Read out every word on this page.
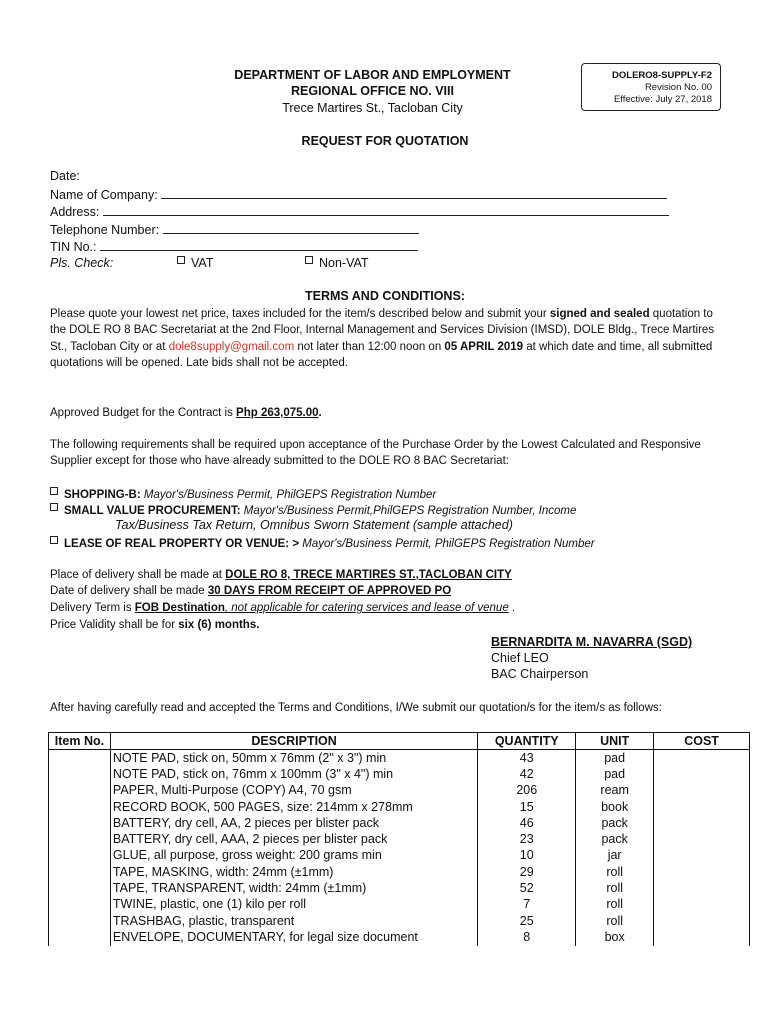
DEPARTMENT OF LABOR AND EMPLOYMENT
REGIONAL OFFICE NO. VIII
Trece Martires St., Tacloban City
DOLERO8-SUPPLY-F2
Revision No. 00
Effective: July 27, 2018
REQUEST FOR QUOTATION
Date:
Name of Company:
Address:
Telephone Number:
TIN No.:
Pls. Check:	VAT	Non-VAT
TERMS AND CONDITIONS:
Please quote your lowest net price, taxes included for the item/s described below and submit your signed and sealed quotation to the DOLE RO 8 BAC Secretariat at the 2nd Floor, Internal Management and Services Division (IMSD), DOLE Bldg., Trece Martires St., Tacloban City or at dole8supply@gmail.com not later than 12:00 noon on 05 APRIL 2019 at which date and time, all submitted quotations will be opened. Late bids shall not be accepted.
Approved Budget for the Contract is Php 263,075.00.
The following requirements shall be required upon acceptance of the Purchase Order by the Lowest Calculated and Responsive Supplier except for those who have already submitted to the DOLE RO 8 BAC Secretariat:
SHOPPING-B: Mayor's/Business Permit, PhilGEPS Registration Number
SMALL VALUE PROCUREMENT: Mayor's/Business Permit,PhilGEPS Registration Number, Income
Tax/Business Tax Return, Omnibus Sworn Statement (sample attached)
LEASE OF REAL PROPERTY OR VENUE: > Mayor's/Business Permit, PhilGEPS Registration Number
Place of delivery shall be made at DOLE RO 8, TRECE MARTIRES ST.,TACLOBAN CITY
Date of delivery shall be made 30 DAYS FROM RECEIPT OF APPROVED PO
Delivery Term is FOB Destination, not applicable for catering services and lease of venue .
Price Validity shall be for six (6) months.
BERNARDITA M. NAVARRA (SGD)
Chief LEO
BAC Chairperson
After having carefully read and accepted the Terms and Conditions, I/We submit our quotation/s for the item/s as follows:
Item No.	DESCRIPTION	QUANTITY	UNIT	COST
	NOTE PAD, stick on, 50mm x 76mm (2" x 3") min	43	pad	
	NOTE PAD, stick on, 76mm x 100mm (3" x 4") min	42	pad	
	PAPER, Multi-Purpose (COPY) A4, 70 gsm	206	ream	
	RECORD BOOK, 500 PAGES, size: 214mm x 278mm	15	book	
	BATTERY, dry cell, AA, 2 pieces per blister pack	46	pack	
	BATTERY, dry cell, AAA, 2 pieces per blister pack	23	pack	
	GLUE, all purpose, gross weight: 200 grams min	10	jar	
	TAPE, MASKING, width: 24mm (±1mm)	29	roll	
	TAPE, TRANSPARENT, width: 24mm (±1mm)	52	roll	
	TWINE, plastic, one (1) kilo per roll	7	roll	
	TRASHBAG, plastic, transparent	25	roll	
	ENVELOPE, DOCUMENTARY, for legal size document	8	box	
